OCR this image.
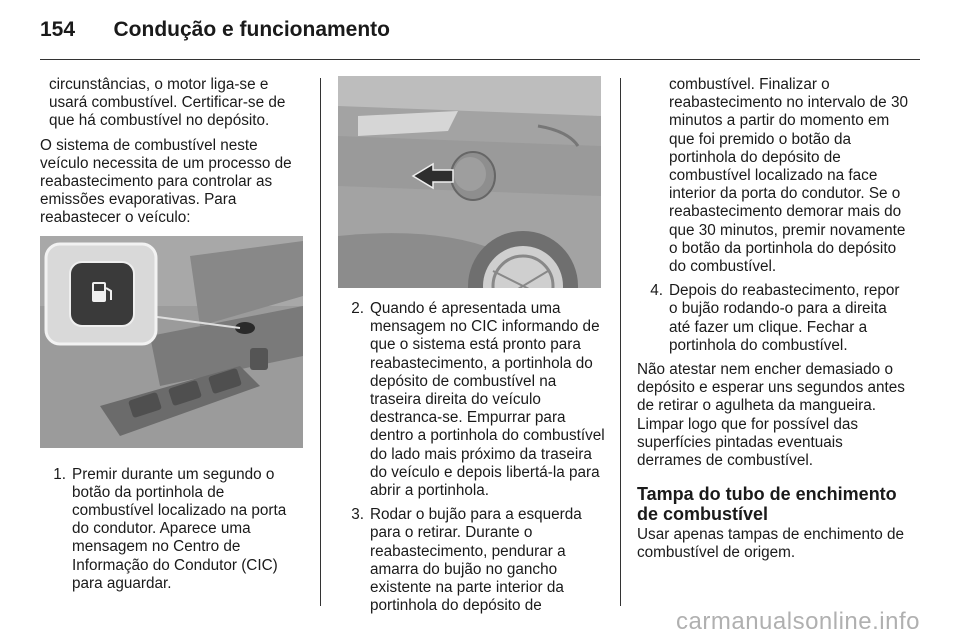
154 Condução e funcionamento

circunstâncias, o motor liga-se e usará combustível. Certificar-se de que há combustível no depósito.

O sistema de combustível neste veículo necessita de um processo de reabastecimento para controlar as emissões evaporativas. Para reabastecer o veículo:

1. Premir durante um segundo o botão da portinhola de combustível localizado na porta do condutor. Aparece uma mensagem no Centro de Informação do Condutor (CIC) para aguardar.
2. Quando é apresentada uma mensagem no CIC informando de que o sistema está pronto para reabastecimento, a portinhola do depósito de combustível na traseira direita do veículo destranca-se. Empurrar para dentro a portinhola do combustível do lado mais próximo da traseira do veículo e depois libertá-la para abrir a portinhola.
3. Rodar o bujão para a esquerda para o retirar. Durante o reabastecimento, pendurar a amarra do bujão no gancho existente na parte interior da portinhola do depósito de
combustível. Finalizar o reabastecimento no intervalo de 30 minutos a partir do momento em que foi premido o botão da portinhola do depósito de combustível localizado na face interior da porta do condutor. Se o reabastecimento demorar mais do que 30 minutos, premir novamente o botão da portinhola do depósito do combustível.
4. Depois do reabastecimento, repor o bujão rodando-o para a direita até fazer um clique. Fechar a portinhola do combustível.

Não atestar nem encher demasiado o depósito e esperar uns segundos antes de retirar o agulheta da mangueira. Limpar logo que for possível das superfícies pintadas eventuais derrames de combustível.

Tampa do tubo de enchimento de combustível

Usar apenas tampas de enchimento de combustível de origem.

carmanualsonline.info
